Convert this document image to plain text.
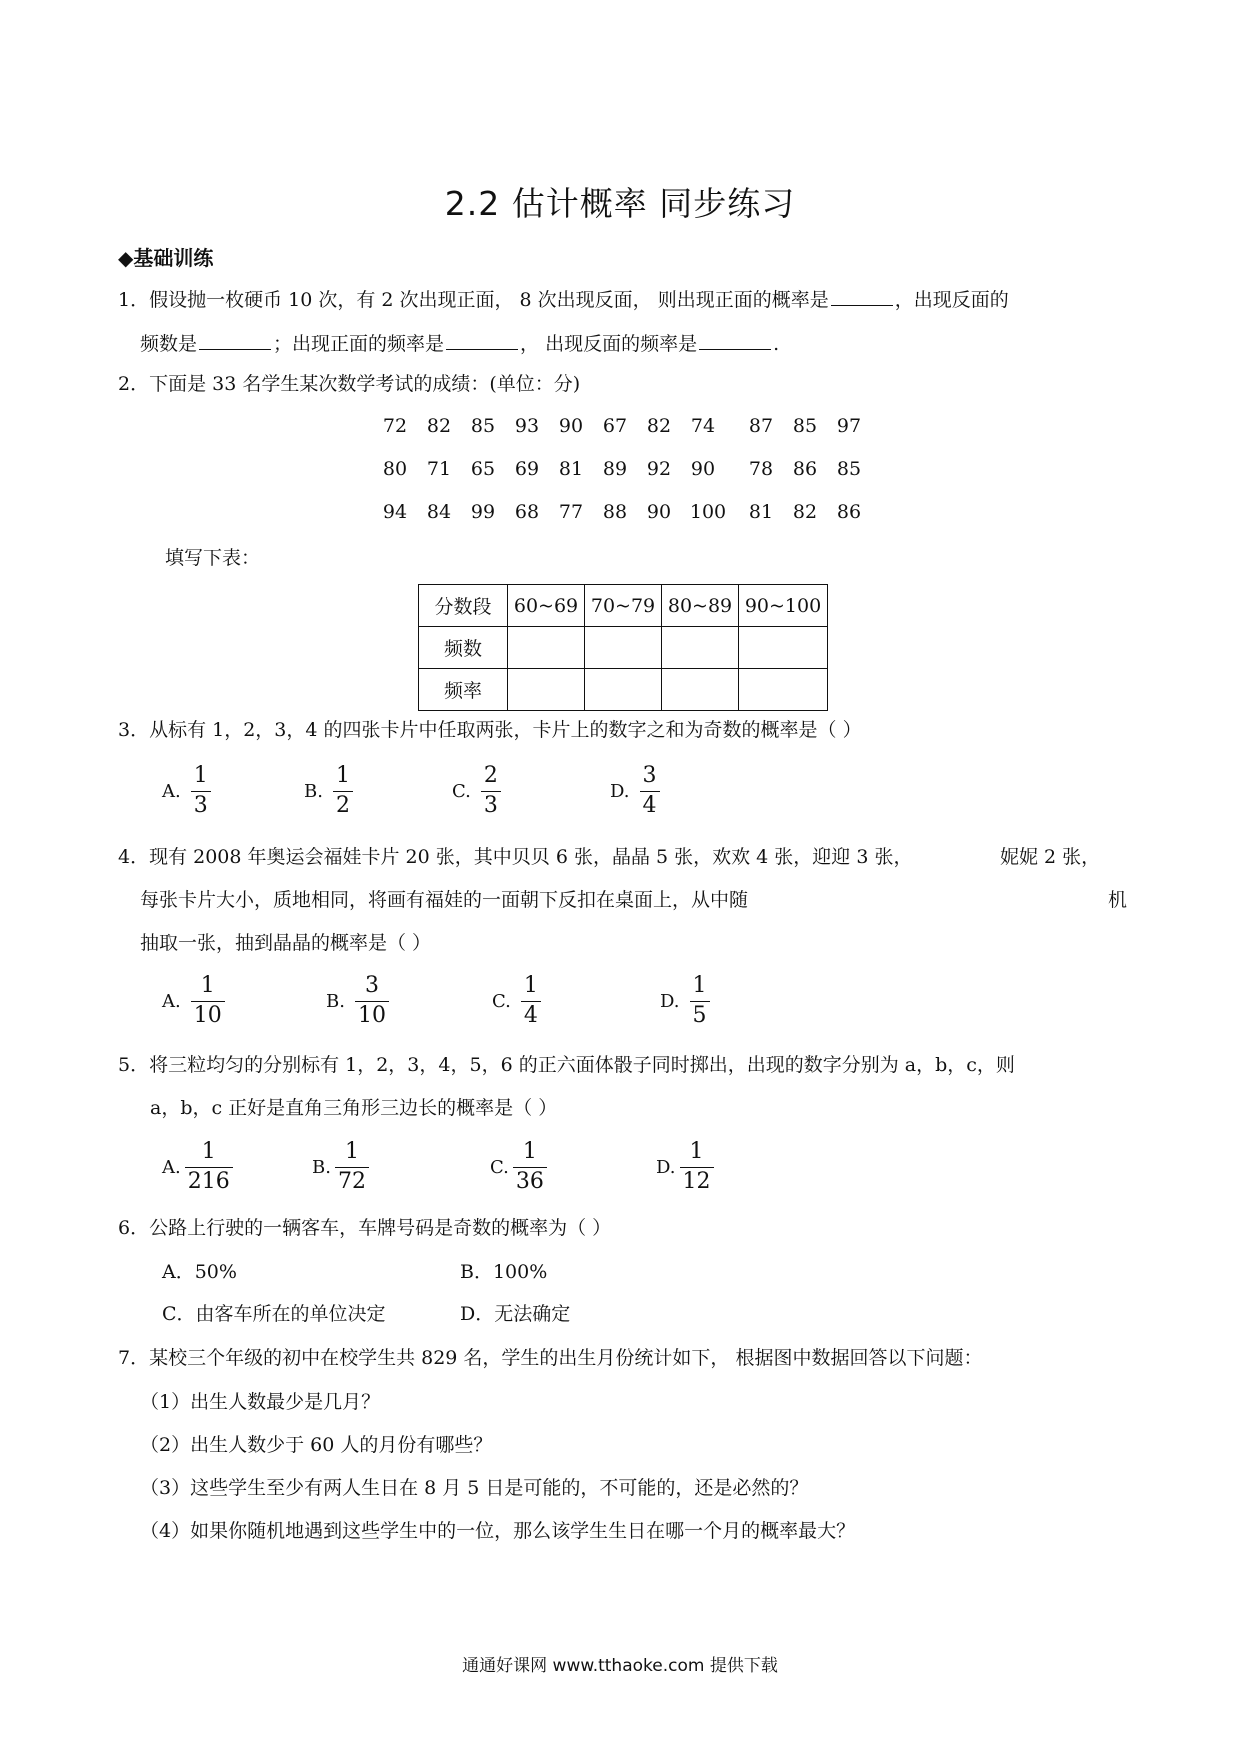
2.2 估计概率 同步练习
◆基础训练
1．假设抛一枚硬币 10 次，有 2 次出现正面， 8 次出现反面， 则出现正面的概率是	，出现反面的
频数是	；出现正面的频率是	， 出现反面的频率是	.
2．下面是 33 名学生某次数学考试的成绩：(单位：分)
72	82	85	93	90	67	82	74	87	85	97
80	71	65	69	81	89	92	90	78	86	85
94	84	99	68	77	88	90 100	81	82	86
填写下表：
分数段	60~69	70~79	80~89	90~100
频数				
频率				
3．从标有 1，2，3，4 的四张卡片中任取两张，卡片上的数字之和为奇数的概率是（ ）
A. $\frac{1}{3}$	B. $\frac{1}{2}$	C. $\frac{2}{3}$	D. $\frac{3}{4}$
4．现有 2008 年奥运会福娃卡片 20 张，其中贝贝 6 张，晶晶 5 张，欢欢 4 张，迎迎 3 张，	妮妮 2 张，
每张卡片大小，质地相同，将画有福娃的一面朝下反扣在桌面上，从中随	机
抽取一张，抽到晶晶的概率是（ ）
A. $\frac{1}{10}$	B. $\frac{3}{10}$	C. $\frac{1}{4}$	D. $\frac{1}{5}$
5．将三粒均匀的分别标有 1，2，3，4，5，6 的正六面体骰子同时掷出，出现的数字分别为 a，b，c，则
a，b，c 正好是直角三角形三边长的概率是（ ）
A. $\frac{1}{216}$	B. $\frac{1}{72}$	C. $\frac{1}{36}$	D. $\frac{1}{12}$
6．公路上行驶的一辆客车，车牌号码是奇数的概率为（ ）
A．50%	B．100%
C．由客车所在的单位决定	D．无法确定
7．某校三个年级的初中在校学生共 829 名，学生的出生月份统计如下， 根据图中数据回答以下问题：
（1）出生人数最少是几月？
（2）出生人数少于 60 人的月份有哪些？
（3）这些学生至少有两人生日在 8 月 5 日是可能的，不可能的，还是必然的？
（4）如果你随机地遇到这些学生中的一位，那么该学生生日在哪一个月的概率最大？
通通好课网 www.tthaoke.com 提供下载
